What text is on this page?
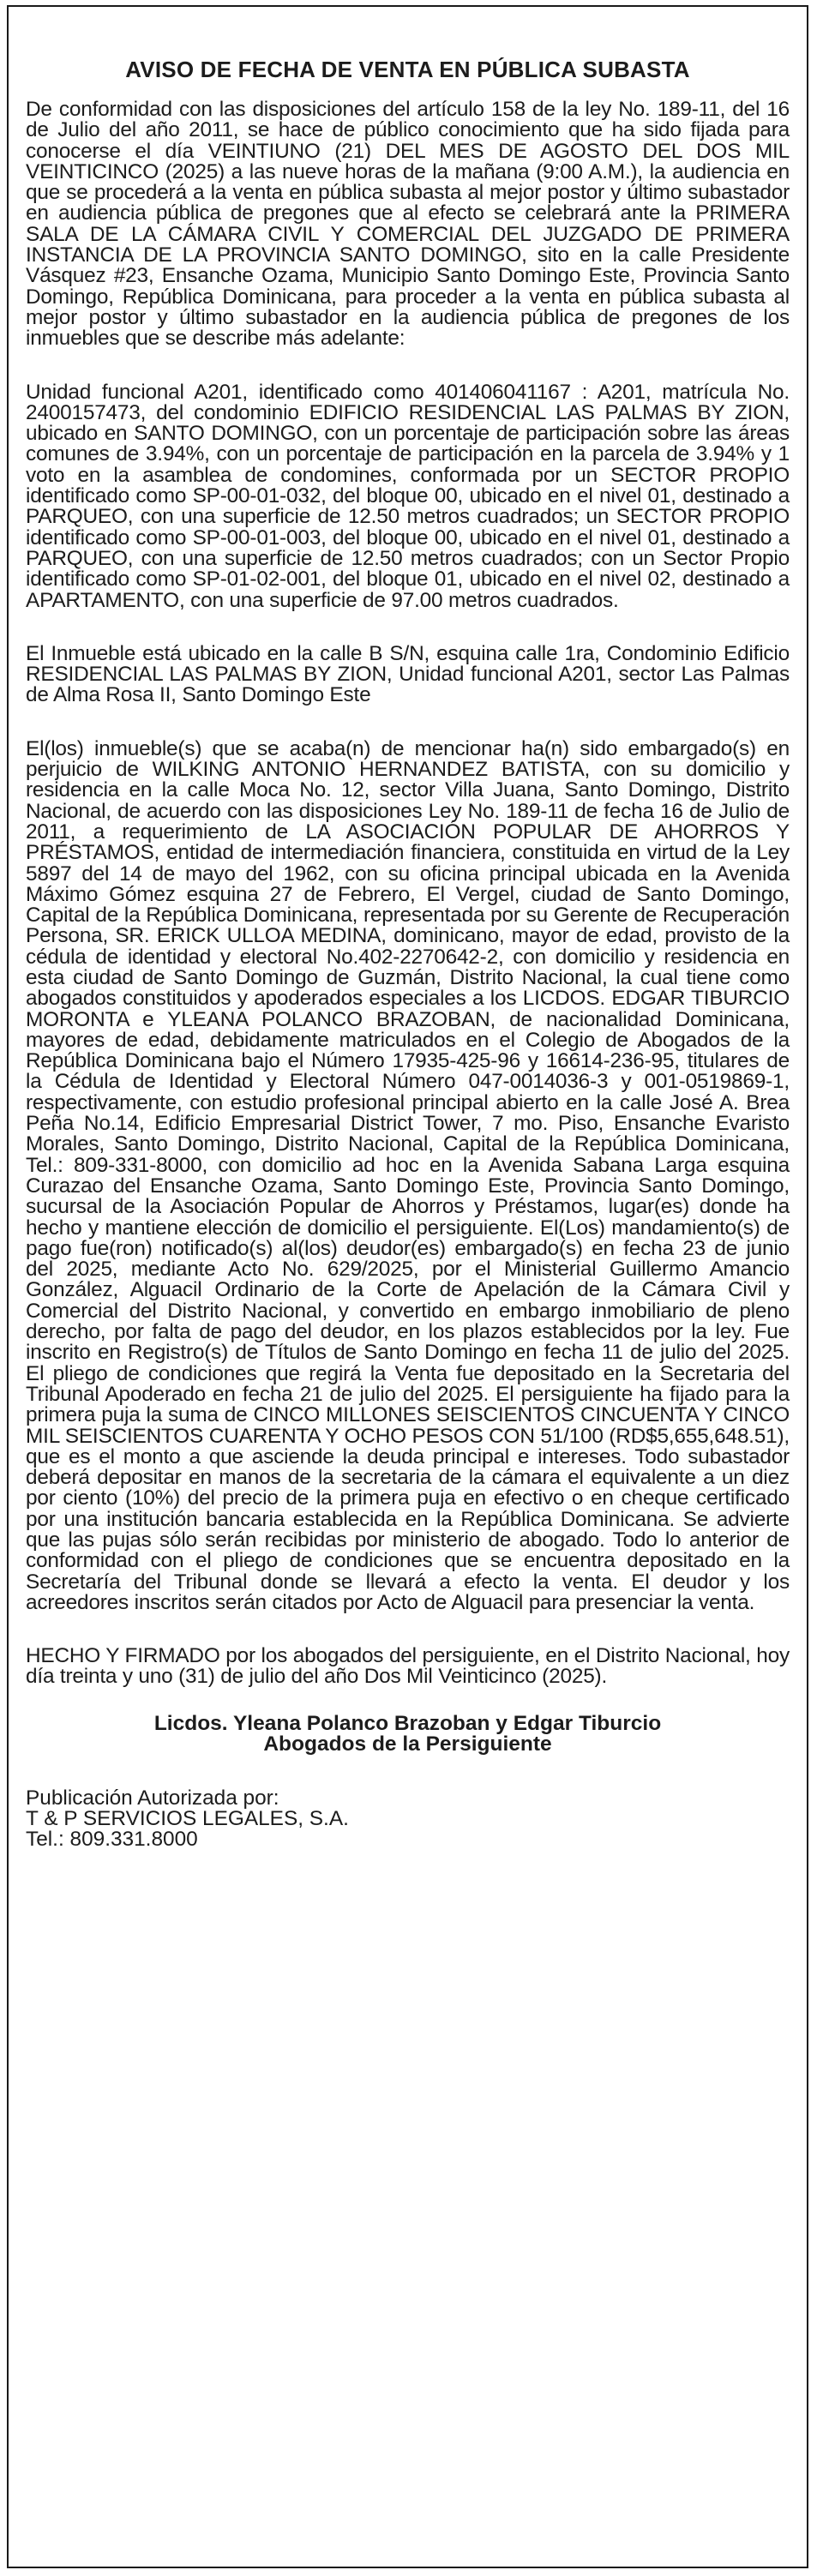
AVISO DE FECHA DE VENTA EN PÚBLICA SUBASTA
De conformidad con las disposiciones del artículo 158 de la ley No. 189-11, del 16 de Julio del año 2011, se hace de público conocimiento que ha sido fijada para conocerse el día VEINTIUNO (21) DEL MES DE AGOSTO DEL DOS MIL VEINTICINCO (2025) a las nueve horas de la mañana (9:00 A.M.), la audiencia en que se procederá a la venta en pública subasta al mejor postor y último subastador en audiencia pública de pregones que al efecto se celebrará ante la PRIMERA SALA DE LA CÁMARA CIVIL Y COMERCIAL DEL JUZGADO DE PRIMERA INSTANCIA DE LA PROVINCIA SANTO DOMINGO, sito en la calle Presidente Vásquez #23, Ensanche Ozama, Municipio Santo Domingo Este, Provincia Santo Domingo, República Dominicana, para proceder a la venta en pública subasta al mejor postor y último subastador en la audiencia pública de pregones de los inmuebles que se describe más adelante:
Unidad funcional A201, identificado como 401406041167 : A201, matrícula No. 2400157473, del condominio EDIFICIO RESIDENCIAL LAS PALMAS BY ZION, ubicado en SANTO DOMINGO, con un porcentaje de participación sobre las áreas comunes de 3.94%, con un porcentaje de participación en la parcela de 3.94% y 1 voto en la asamblea de condomines, conformada por un SECTOR PROPIO identificado como SP-00-01-032, del bloque 00, ubicado en el nivel 01, destinado a PARQUEO, con una superficie de 12.50 metros cuadrados; un SECTOR PROPIO identificado como SP-00-01-003, del bloque 00, ubicado en el nivel 01, destinado a PARQUEO, con una superficie de 12.50 metros cuadrados; con un Sector Propio identificado como SP-01-02-001, del bloque 01, ubicado en el nivel 02, destinado a APARTAMENTO, con una superficie de 97.00 metros cuadrados.
El Inmueble está ubicado en la calle B S/N, esquina calle 1ra, Condominio Edificio RESIDENCIAL LAS PALMAS BY ZION, Unidad funcional A201, sector Las Palmas de Alma Rosa II, Santo Domingo Este
El(los) inmueble(s) que se acaba(n) de mencionar ha(n) sido embargado(s) en perjuicio de WILKING ANTONIO HERNANDEZ BATISTA, con su domicilio y residencia en la calle Moca No. 12, sector Villa Juana, Santo Domingo, Distrito Nacional, de acuerdo con las disposiciones Ley No. 189-11 de fecha 16 de Julio de 2011, a requerimiento de LA ASOCIACIÓN POPULAR DE AHORROS Y PRÉSTAMOS, entidad de intermediación financiera, constituida en virtud de la Ley 5897 del 14 de mayo del 1962, con su oficina principal ubicada en la Avenida Máximo Gómez esquina 27 de Febrero, El Vergel, ciudad de Santo Domingo, Capital de la República Dominicana, representada por su Gerente de Recuperación Persona, SR. ERICK ULLOA MEDINA, dominicano, mayor de edad, provisto de la cédula de identidad y electoral No.402-2270642-2, con domicilio y residencia en esta ciudad de Santo Domingo de Guzmán, Distrito Nacional, la cual tiene como abogados constituidos y apoderados especiales a los LICDOS. EDGAR TIBURCIO MORONTA e YLEANA POLANCO BRAZOBAN, de nacionalidad Dominicana, mayores de edad, debidamente matriculados en el Colegio de Abogados de la República Dominicana bajo el Número 17935-425-96 y 16614-236-95, titulares de la Cédula de Identidad y Electoral Número 047-0014036-3 y 001-0519869-1, respectivamente, con estudio profesional principal abierto en la calle José A. Brea Peña No.14, Edificio Empresarial District Tower, 7 mo. Piso, Ensanche Evaristo Morales, Santo Domingo, Distrito Nacional, Capital de la República Dominicana, Tel.: 809-331-8000, con domicilio ad hoc en la Avenida Sabana Larga esquina Curazao del Ensanche Ozama, Santo Domingo Este, Provincia Santo Domingo, sucursal de la Asociación Popular de Ahorros y Préstamos, lugar(es) donde ha hecho y mantiene elección de domicilio el persiguiente. El(Los) mandamiento(s) de pago fue(ron) notificado(s) al(los) deudor(es) embargado(s) en fecha 23 de junio del 2025, mediante Acto No. 629/2025, por el Ministerial Guillermo Amancio González, Alguacil Ordinario de la Corte de Apelación de la Cámara Civil y Comercial del Distrito Nacional, y convertido en embargo inmobiliario de pleno derecho, por falta de pago del deudor, en los plazos establecidos por la ley. Fue inscrito en Registro(s) de Títulos de Santo Domingo en fecha 11 de julio del 2025. El pliego de condiciones que regirá la Venta fue depositado en la Secretaria del Tribunal Apoderado en fecha 21 de julio del 2025. El persiguiente ha fijado para la primera puja la suma de CINCO MILLONES SEISCIENTOS CINCUENTA Y CINCO MIL SEISCIENTOS CUARENTA Y OCHO PESOS CON 51/100 (RD$5,655,648.51), que es el monto a que asciende la deuda principal e intereses. Todo subastador deberá depositar en manos de la secretaria de la cámara el equivalente a un diez por ciento (10%) del precio de la primera puja en efectivo o en cheque certificado por una institución bancaria establecida en la República Dominicana. Se advierte que las pujas sólo serán recibidas por ministerio de abogado. Todo lo anterior de conformidad con el pliego de condiciones que se encuentra depositado en la Secretaría del Tribunal donde se llevará a efecto la venta. El deudor y los acreedores inscritos serán citados por Acto de Alguacil para presenciar la venta.
HECHO Y FIRMADO por los abogados del persiguiente, en el Distrito Nacional, hoy día treinta y uno (31) de julio del año Dos Mil Veinticinco (2025).
Licdos. Yleana Polanco Brazoban y Edgar Tiburcio
Abogados de la Persiguiente
Publicación Autorizada por:
T & P SERVICIOS LEGALES, S.A.
Tel.: 809.331.8000
